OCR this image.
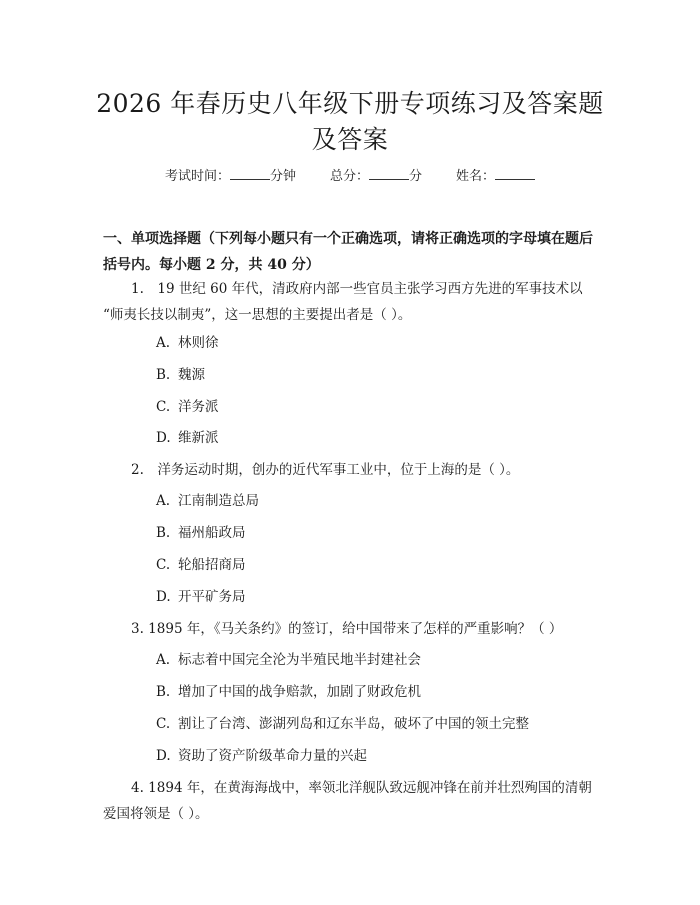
2026 年春历史八年级下册专项练习及答案题
及答案
考试时间：	分钟	总分：	分	姓名：
一、单项选择题（下列每小题只有一个正确选项，请将正确选项的字母填在题后
括号内。每小题 2 分，共 40 分）
1.　19 世纪 60 年代，清政府内部一些官员主张学习西方先进的军事技术以
“师夷长技以制夷”，这一思想的主要提出者是（ ）。
A. 林则徐
B. 魏源
C. 洋务派
D. 维新派
2.　洋务运动时期，创办的近代军事工业中，位于上海的是（ ）。
A. 江南制造总局
B. 福州船政局
C. 轮船招商局
D. 开平矿务局
3. 1895 年，《马关条约》的签订，给中国带来了怎样的严重影响？（ ）
A. 标志着中国完全沦为半殖民地半封建社会
B. 增加了中国的战争赔款，加剧了财政危机
C. 割让了台湾、澎湖列岛和辽东半岛，破坏了中国的领土完整
D. 资助了资产阶级革命力量的兴起
4. 1894 年，在黄海海战中，率领北洋舰队致远舰冲锋在前并壮烈殉国的清朝
爱国将领是（ ）。
